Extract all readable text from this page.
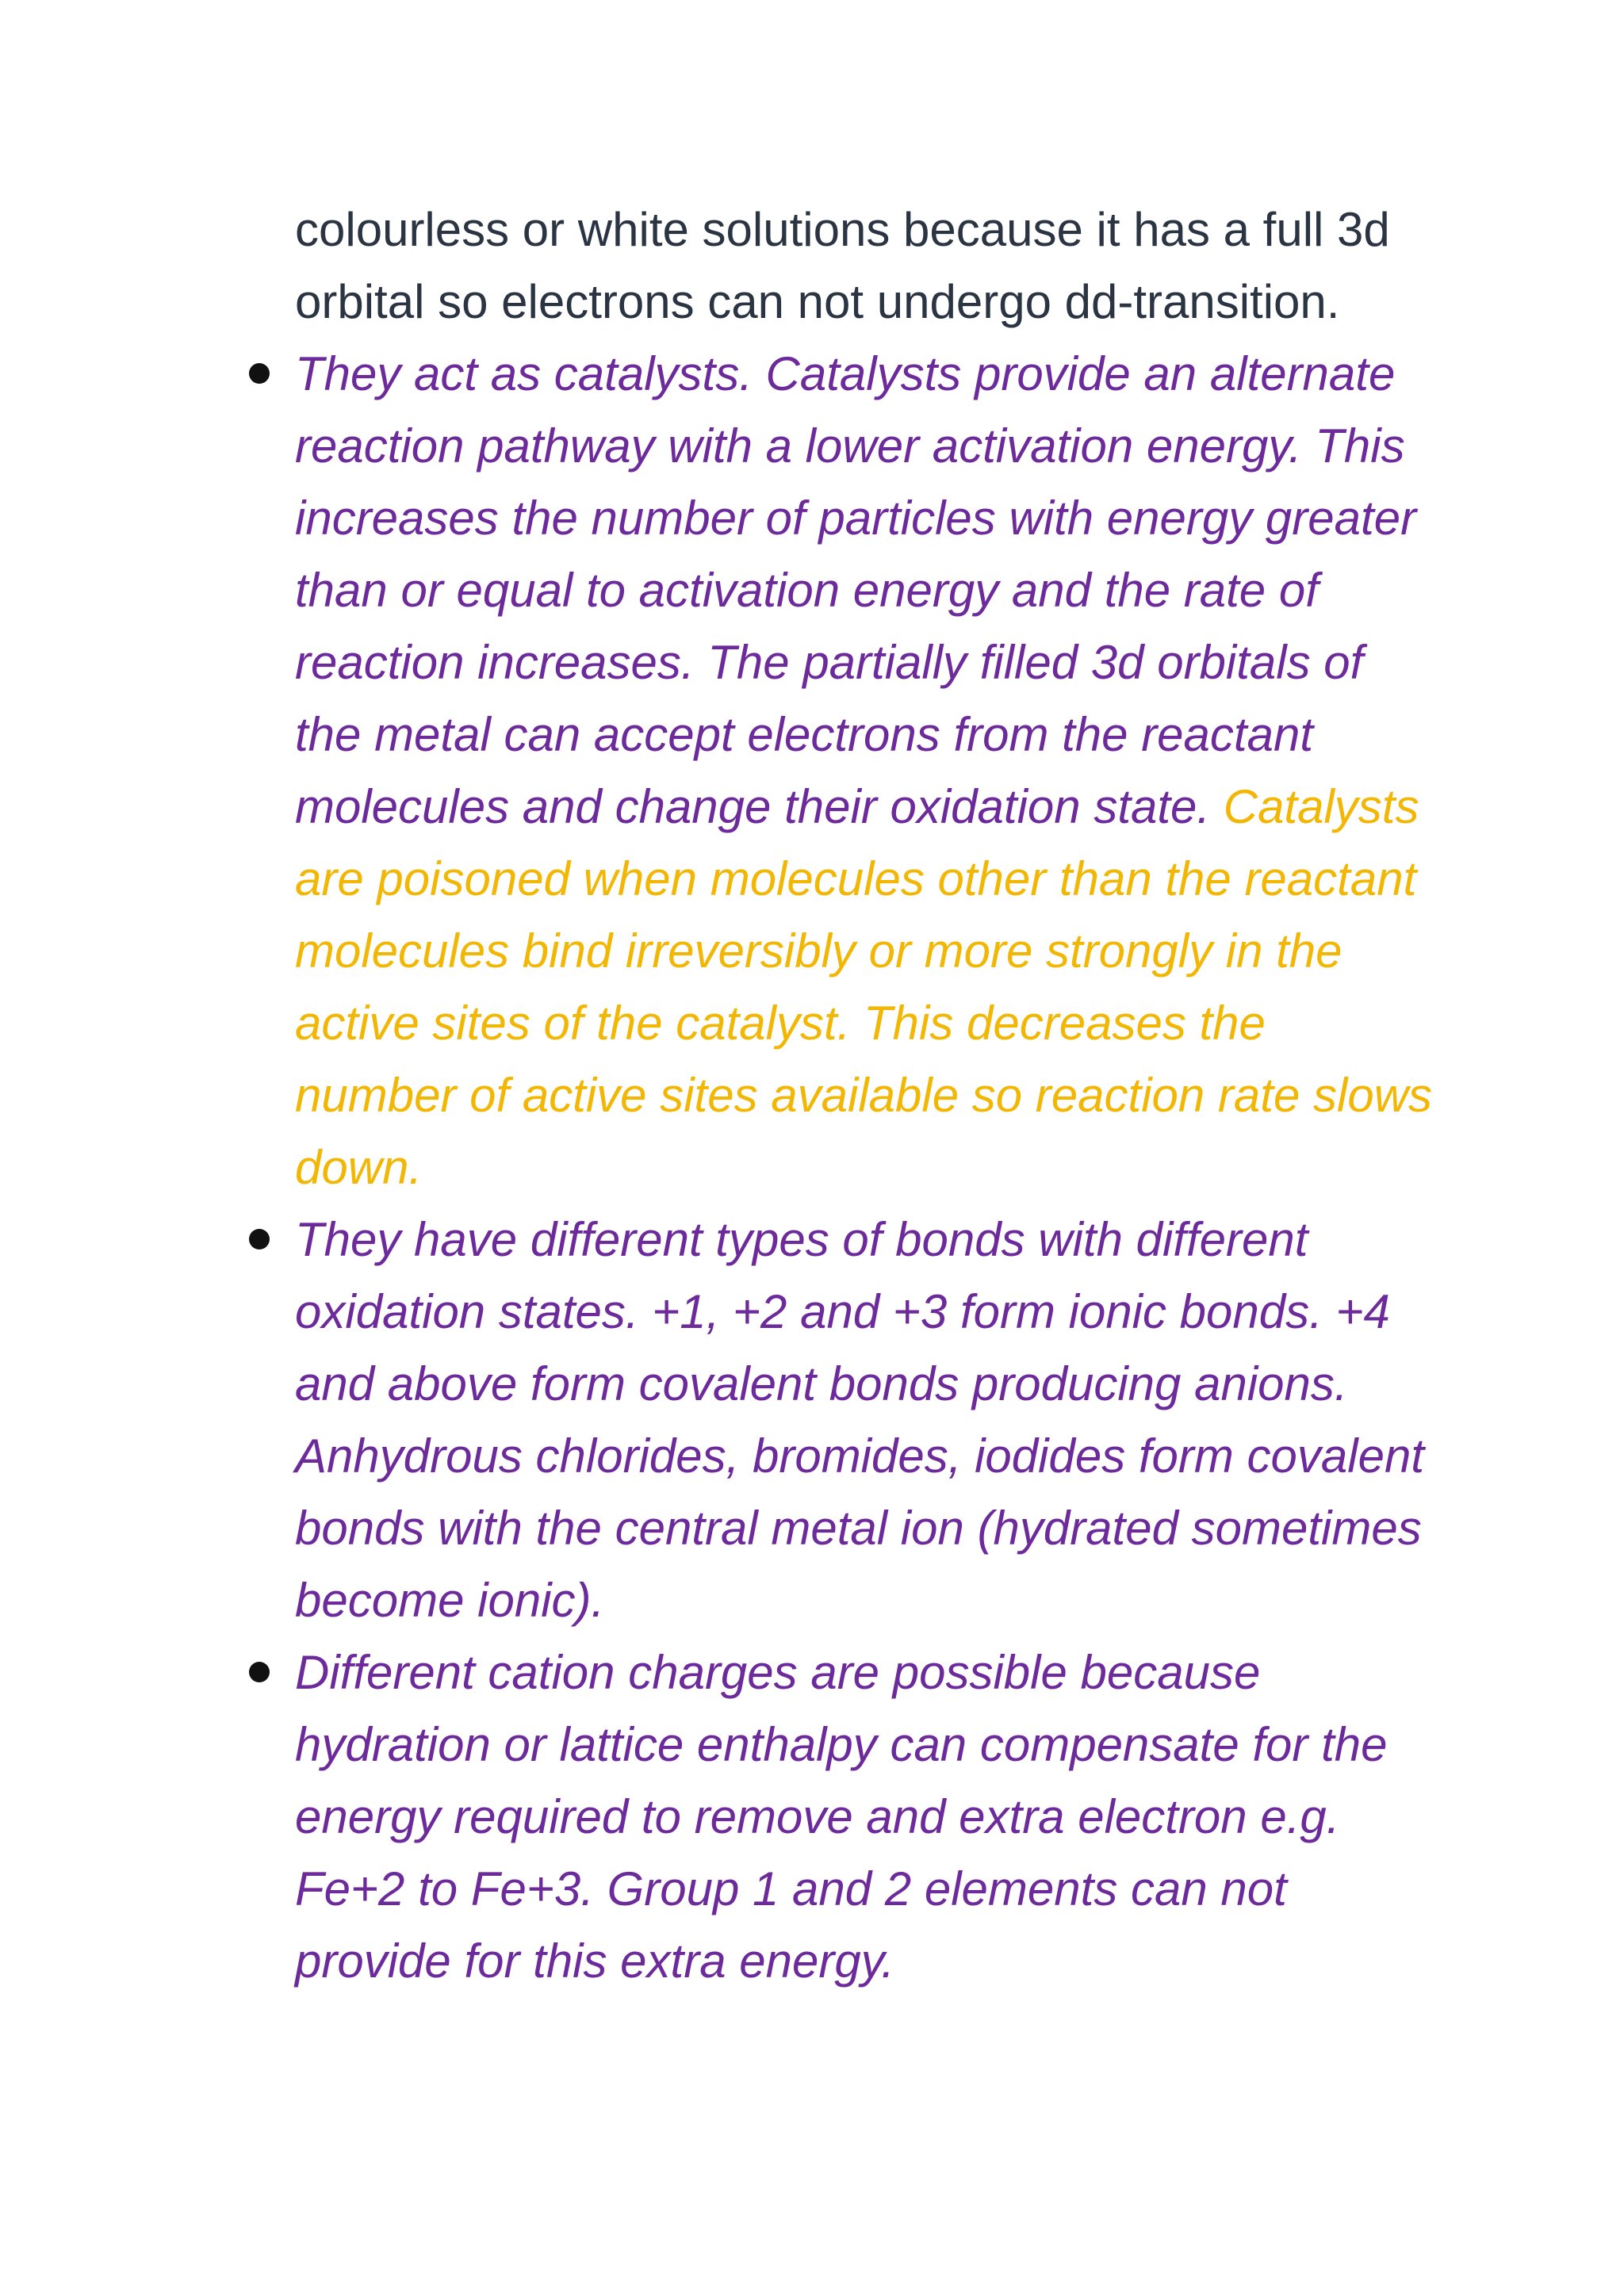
colourless or white solutions because it has a full 3d orbital so electrons can not undergo dd-transition.

They act as catalysts. Catalysts provide an alternate reaction pathway with a lower activation energy. This increases the number of particles with energy greater than or equal to activation energy and the rate of reaction increases. The partially filled 3d orbitals of the metal can accept electrons from the reactant molecules and change their oxidation state. Catalysts are poisoned when molecules other than the reactant molecules bind irreversibly or more strongly in the active sites of the catalyst. This decreases the number of active sites available so reaction rate slows down.
They have different types of bonds with different oxidation states. +1, +2 and +3 form ionic bonds. +4 and above form covalent bonds producing anions. Anhydrous chlorides, bromides, iodides form covalent bonds with the central metal ion (hydrated sometimes become ionic).
Different cation charges are possible because hydration or lattice enthalpy can compensate for the energy required to remove and extra electron e.g. Fe+2 to Fe+3. Group 1 and 2 elements can not provide for this extra energy.
